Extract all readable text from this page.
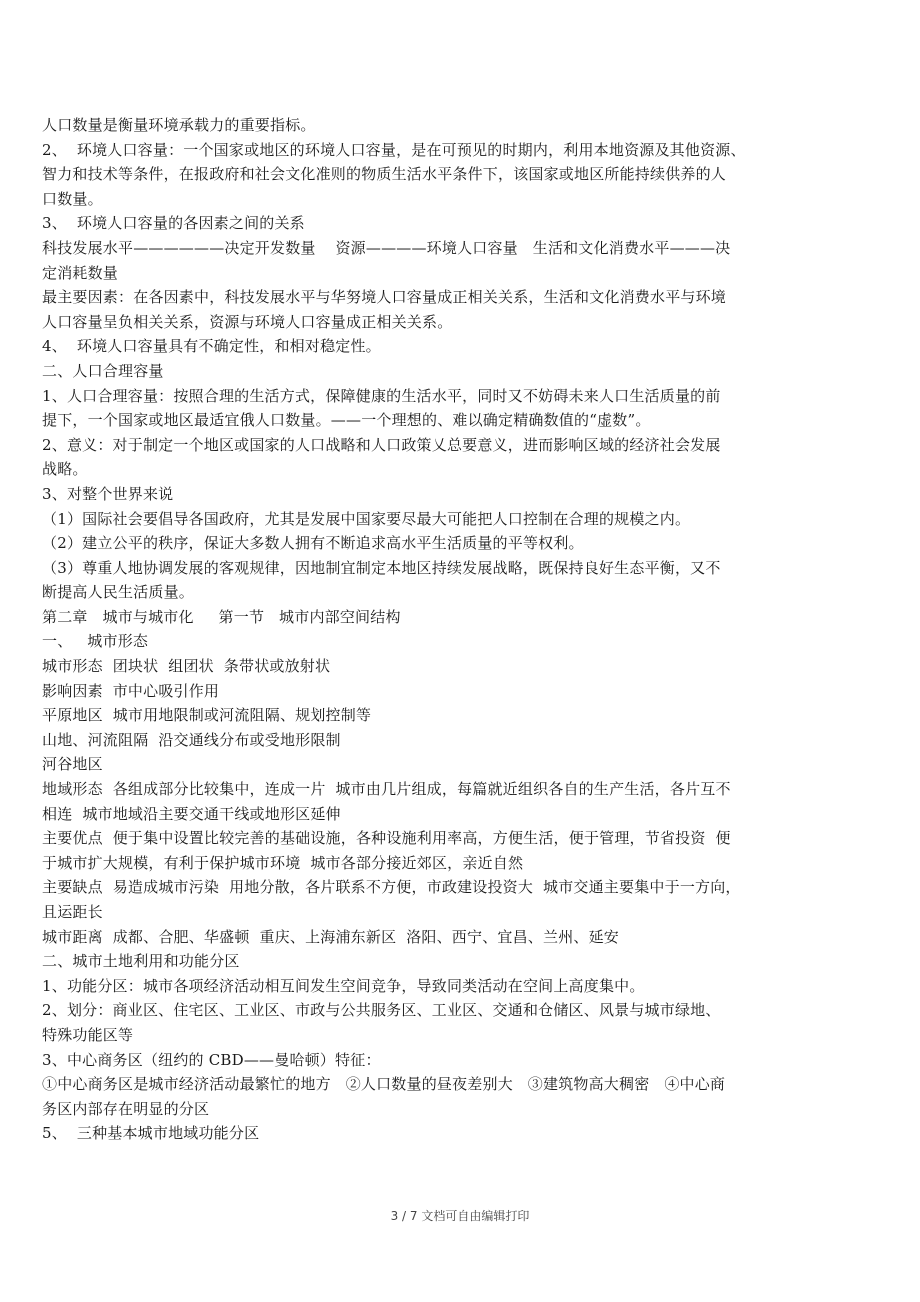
人口数量是衡量环境承载力的重要指标。
2、  环境人口容量：一个国家或地区的环境人口容量，是在可预见的时期内，利用本地资源及其他资源、
智力和技术等条件，在报政府和社会文化准则的物质生活水平条件下，该国家或地区所能持续供养的人
口数量。
3、  环境人口容量的各因素之间的关系
科技发展水平——————决定开发数量    资源————环境人口容量   生活和文化消费水平———决
定消耗数量
最主要因素：在各因素中，科技发展水平与华努境人口容量成正相关关系，生活和文化消费水平与环境
人口容量呈负相关关系，资源与环境人口容量成正相关关系。
4、  环境人口容量具有不确定性，和相对稳定性。
二、人口合理容量
1、人口合理容量：按照合理的生活方式，保障健康的生活水平，同时又不妨碍未来人口生活质量的前
提下，一个国家或地区最适宜俄人口数量。——一个理想的、难以确定精确数值的“虚数”。
2、意义：对于制定一个地区或国家的人口战略和人口政策乂总要意义，进而影响区域的经济社会发展
战略。
3、对整个世界来说
（1）国际社会要倡导各国政府，尤其是发展中国家要尽最大可能把人口控制在合理的规模之内。
（2）建立公平的秩序，保证大多数人拥有不断追求高水平生活质量的平等权利。
（3）尊重人地协调发展的客观规律，因地制宜制定本地区持续发展战略，既保持良好生态平衡，又不
断提高人民生活质量。
第二章   城市与城市化     第一节   城市内部空间结构
一、   城市形态
城市形态  团块状  组团状  条带状或放射状
影响因素  市中心吸引作用
平原地区  城市用地限制或河流阻隔、规划控制等
山地、河流阻隔  沿交通线分布或受地形限制
河谷地区
地域形态  各组成部分比较集中，连成一片  城市由几片组成，每篇就近组织各自的生产生活，各片互不
相连  城市地域沿主要交通干线或地形区延伸
主要优点  便于集中设置比较完善的基础设施，各种设施利用率高，方便生活，便于管理，节省投资  便
于城市扩大规模，有利于保护城市环境  城市各部分接近郊区，亲近自然
主要缺点  易造成城市污染  用地分散，各片联系不方便，市政建设投资大  城市交通主要集中于一方向，
且运距长
城市距离  成都、合肥、华盛顿  重庆、上海浦东新区  洛阳、西宁、宜昌、兰州、延安
二、城市土地利用和功能分区
1、功能分区：城市各项经济活动相互间发生空间竞争，导致同类活动在空间上高度集中。
2、划分：商业区、住宅区、工业区、市政与公共服务区、工业区、交通和仓储区、风景与城市绿地、
特殊功能区等
3、中心商务区（纽约的 CBD——曼哈顿）特征：
①中心商务区是城市经济活动最繁忙的地方   ②人口数量的昼夜差别大   ③建筑物高大稠密   ④中心商
务区内部存在明显的分区
5、  三种基本城市地域功能分区
3 / 7 文档可自由编辑打印
